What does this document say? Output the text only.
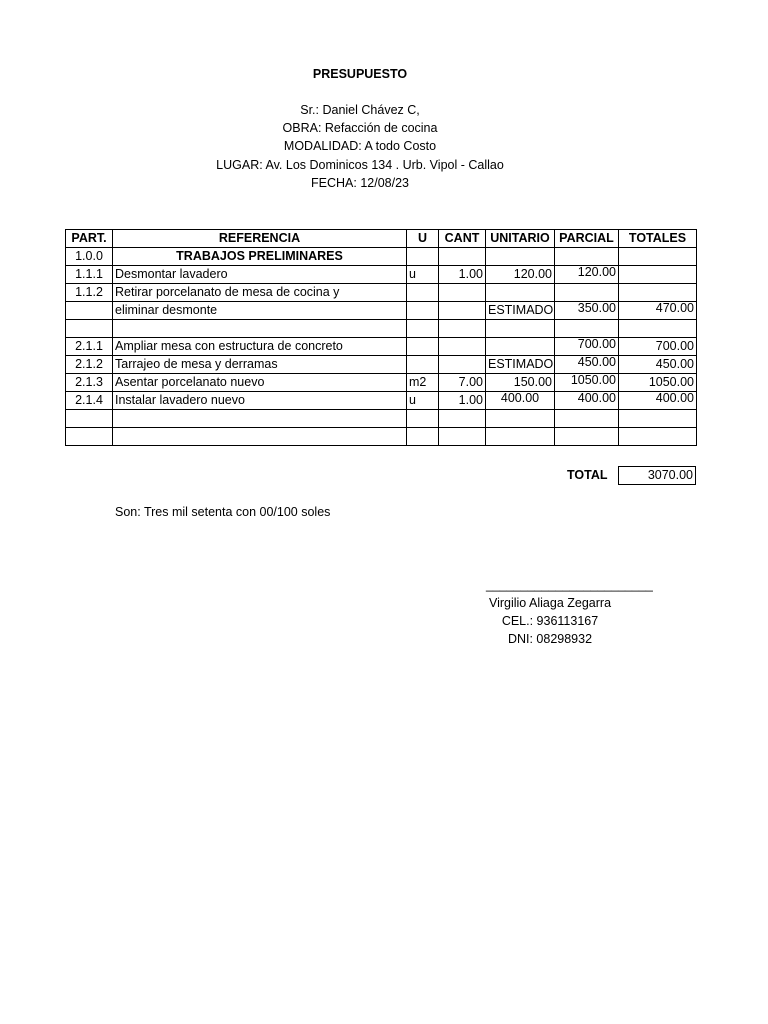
PRESUPUESTO
Sr.: Daniel Chávez C,
OBRA: Refacción de cocina
MODALIDAD: A todo Costo
LUGAR: Av. Los Dominicos 134 . Urb. Vipol - Callao
FECHA: 12/08/23
PART.	REFERENCIA	U	CANT	UNITARIO	PARCIAL	TOTALES
1.0.0	TRABAJOS PRELIMINARES					
1.1.1	Desmontar lavadero	u	1.00	120.00	120.00	
1.1.2	Retirar porcelanato de mesa de cocina y					
	eliminar desmonte			ESTIMADO	350.00	470.00

2.1.1	Ampliar mesa con estructura de concreto				700.00	700.00
2.1.2	Tarrajeo de mesa y derramas			ESTIMADO	450.00	450.00
2.1.3	Asentar porcelanato nuevo	m2	7.00	150.00	1050.00	1050.00
2.1.4	Instalar lavadero nuevo	u	1.00	400.00	400.00	400.00

TOTAL	3070.00
Son: Tres mil setenta con 00/100 soles
________________________
Virgilio Aliaga Zegarra
CEL.: 936113167
DNI: 08298932
